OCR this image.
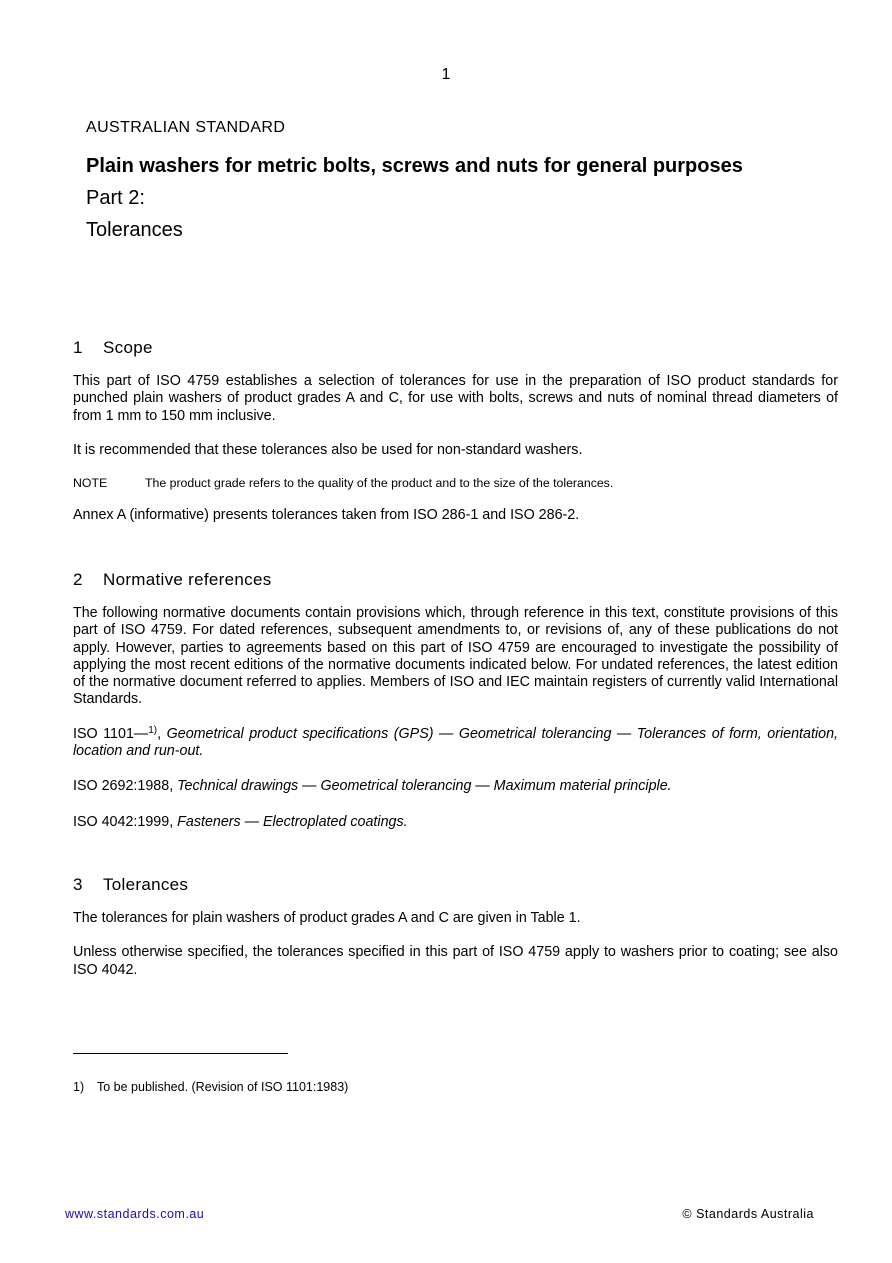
1

AUSTRALIAN STANDARD

Plain washers for metric bolts, screws and nuts for general purposes

Part 2:

Tolerances

1 Scope

This part of ISO 4759 establishes a selection of tolerances for use in the preparation of ISO product standards for punched plain washers of product grades A and C, for use with bolts, screws and nuts of nominal thread diameters of from 1 mm to 150 mm inclusive.

It is recommended that these tolerances also be used for non-standard washers.

NOTE	The product grade refers to the quality of the product and to the size of the tolerances.

Annex A (informative) presents tolerances taken from ISO 286-1 and ISO 286-2.

2 Normative references

The following normative documents contain provisions which, through reference in this text, constitute provisions of this part of ISO 4759. For dated references, subsequent amendments to, or revisions of, any of these publications do not apply. However, parties to agreements based on this part of ISO 4759 are encouraged to investigate the possibility of applying the most recent editions of the normative documents indicated below. For undated references, the latest edition of the normative document referred to applies. Members of ISO and IEC maintain registers of currently valid International Standards.

ISO 1101—$^{1)}$, Geometrical product specifications (GPS) — Geometrical tolerancing — Tolerances of form, orientation, location and run-out.

ISO 2692:1988, Technical drawings — Geometrical tolerancing — Maximum material principle.

ISO 4042:1999, Fasteners — Electroplated coatings.

3 Tolerances

The tolerances for plain washers of product grades A and C are given in Table 1.

Unless otherwise specified, the tolerances specified in this part of ISO 4759 apply to washers prior to coating; see also ISO 4042.

1) To be published. (Revision of ISO 1101:1983)
www.standards.com.au	© Standards Australia
